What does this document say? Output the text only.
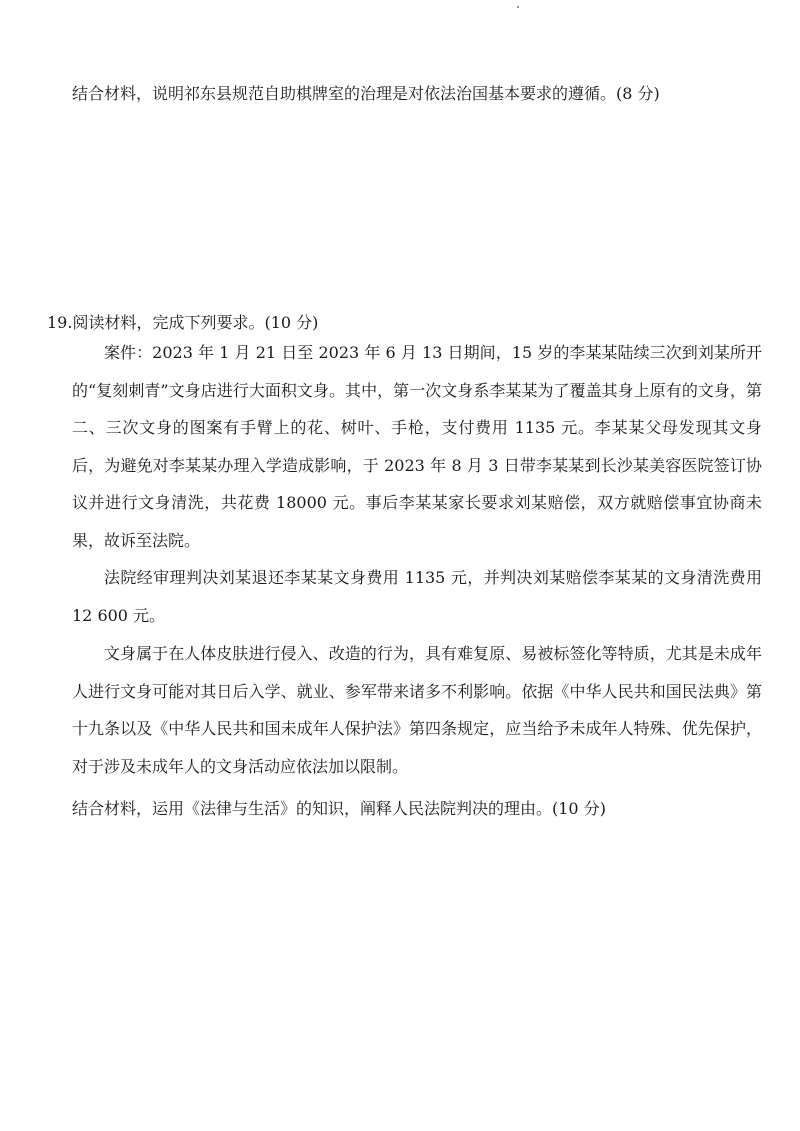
结合材料，说明祁东县规范自助棋牌室的治理是对依法治国基本要求的遵循。(8 分)
19.阅读材料，完成下列要求。(10 分)

案件：2023 年 1 月 21 日至 2023 年 6 月 13 日期间，15 岁的李某某陆续三次到刘某所开的“复刻刺青”文身店进行大面积文身。其中，第一次文身系李某某为了覆盖其身上原有的文身，第二、三次文身的图案有手臂上的花、树叶、手枪，支付费用 1135 元。李某某父母发现其文身后，为避免对李某某办理入学造成影响，于 2023 年 8 月 3 日带李某某到长沙某美容医院签订协议并进行文身清洗，共花费 18000 元。事后李某某家长要求刘某赔偿，双方就赔偿事宜协商未果，故诉至法院。

法院经审理判决刘某退还李某某文身费用 1135 元，并判决刘某赔偿李某某的文身清洗费用 12 600 元。

文身属于在人体皮肤进行侵入、改造的行为，具有难复原、易被标签化等特质，尤其是未成年人进行文身可能对其日后入学、就业、参军带来诸多不利影响。依据《中华人民共和国民法典》第十九条以及《中华人民共和国未成年人保护法》第四条规定，应当给予未成年人特殊、优先保护，对于涉及未成年人的文身活动应依法加以限制。

结合材料，运用《法律与生活》的知识，阐释人民法院判决的理由。(10 分)
